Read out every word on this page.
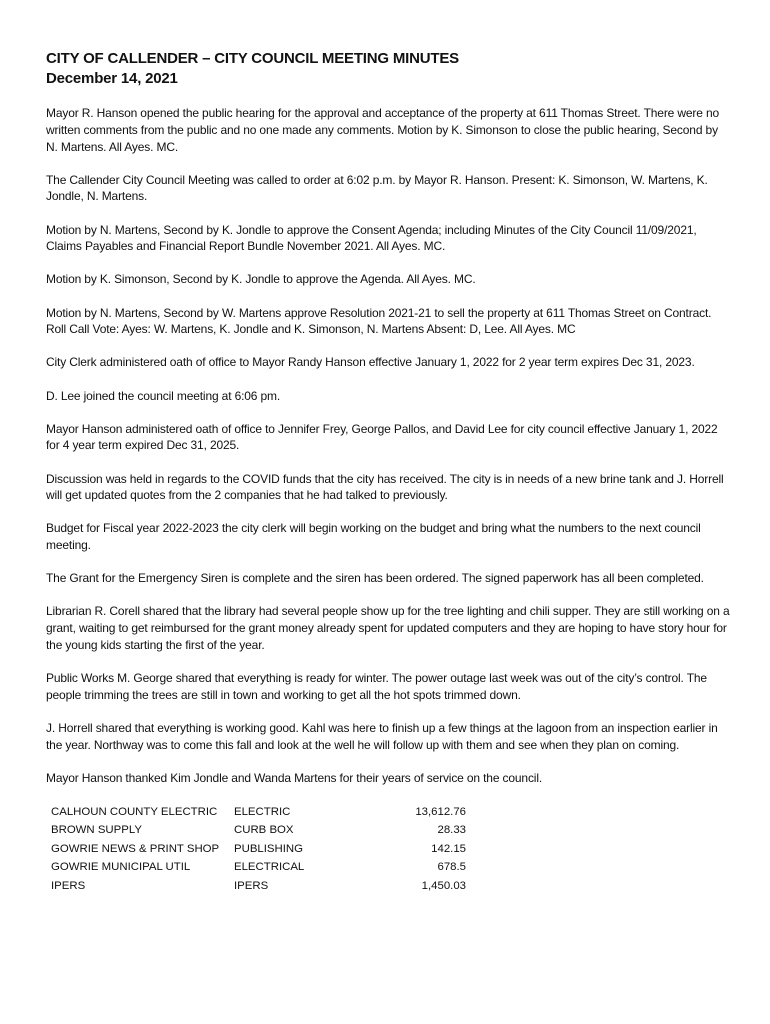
CITY OF CALLENDER – CITY COUNCIL MEETING MINUTES
December 14, 2021

Mayor R. Hanson opened the public hearing for the approval and acceptance of the property at 611 Thomas Street. There were no written comments from the public and no one made any comments. Motion by K. Simonson to close the public hearing, Second by N. Martens. All Ayes. MC.

The Callender City Council Meeting was called to order at 6:02 p.m. by Mayor R. Hanson. Present: K. Simonson, W. Martens, K. Jondle, N. Martens.

Motion by N. Martens, Second by K. Jondle to approve the Consent Agenda; including Minutes of the City Council 11/09/2021, Claims Payables and Financial Report Bundle November 2021. All Ayes. MC.

Motion by K. Simonson, Second by K. Jondle to approve the Agenda. All Ayes. MC.

Motion by N. Martens, Second by W. Martens approve Resolution 2021-21 to sell the property at 611 Thomas Street on Contract. Roll Call Vote: Ayes: W. Martens, K. Jondle and K. Simonson, N. Martens Absent: D, Lee. All Ayes. MC

City Clerk administered oath of office to Mayor Randy Hanson effective January 1, 2022 for 2 year term expires Dec 31, 2023.

D. Lee joined the council meeting at 6:06 pm.

Mayor Hanson administered oath of office to Jennifer Frey, George Pallos, and David Lee for city council effective January 1, 2022 for 4 year term expired Dec 31, 2025.

Discussion was held in regards to the COVID funds that the city has received. The city is in needs of a new brine tank and J. Horrell will get updated quotes from the 2 companies that he had talked to previously.

Budget for Fiscal year 2022-2023 the city clerk will begin working on the budget and bring what the numbers to the next council meeting.

The Grant for the Emergency Siren is complete and the siren has been ordered. The signed paperwork has all been completed.

Librarian R. Corell shared that the library had several people show up for the tree lighting and chili supper. They are still working on a grant, waiting to get reimbursed for the grant money already spent for updated computers and they are hoping to have story hour for the young kids starting the first of the year.

Public Works M. George shared that everything is ready for winter. The power outage last week was out of the city’s control. The people trimming the trees are still in town and working to get all the hot spots trimmed down.

J. Horrell shared that everything is working good. Kahl was here to finish up a few things at the lagoon from an inspection earlier in the year. Northway was to come this fall and look at the well he will follow up with them and see when they plan on coming.

Mayor Hanson thanked Kim Jondle and Wanda Martens for their years of service on the council.

CALHOUN COUNTY ELECTRIC	ELECTRIC	13,612.76
BROWN SUPPLY	CURB BOX	28.33
GOWRIE NEWS & PRINT SHOP	PUBLISHING	142.15
GOWRIE MUNICIPAL UTIL	ELECTRICAL	678.5
IPERS	IPERS	1,450.03
